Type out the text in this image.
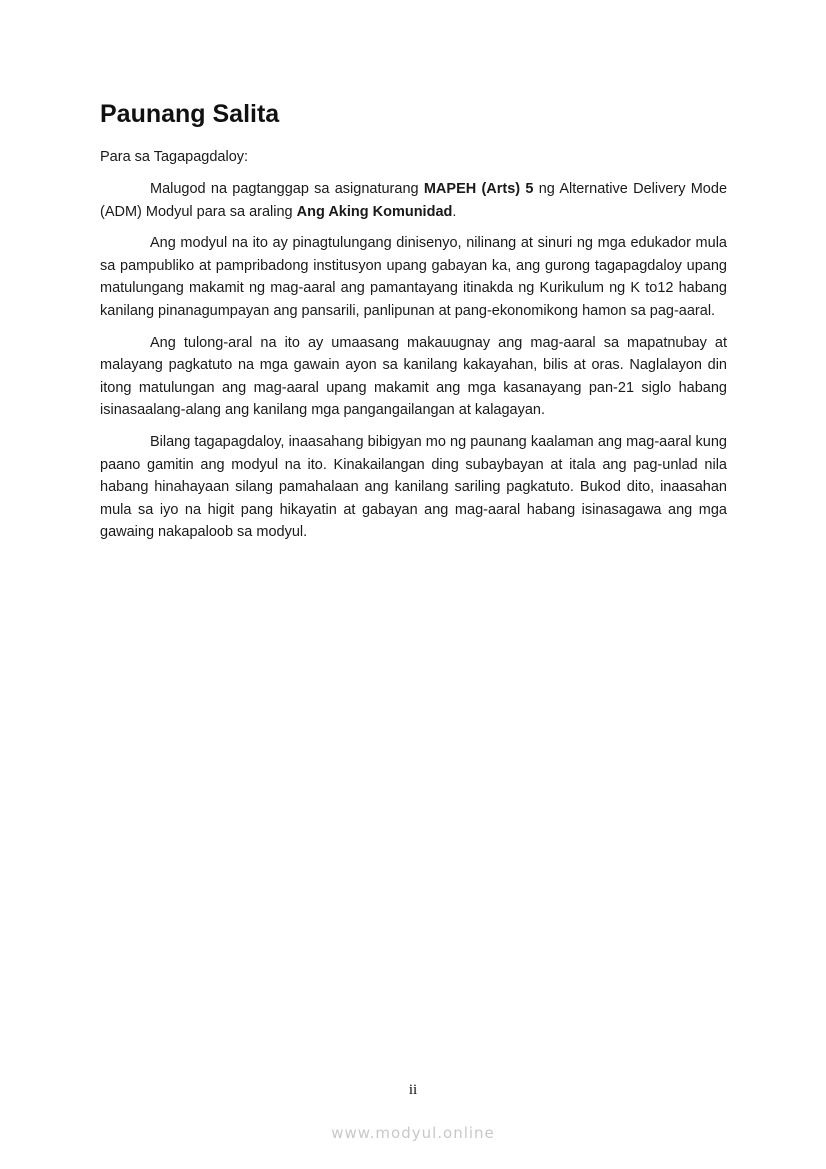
Paunang Salita

Para sa Tagapagdaloy:

Malugod na pagtanggap sa asignaturang MAPEH (Arts) 5 ng Alternative Delivery Mode (ADM) Modyul para sa araling Ang Aking Komunidad.

Ang modyul na ito ay pinagtulungang dinisenyo, nilinang at sinuri ng mga edukador mula sa pampubliko at pampribadong institusyon upang gabayan ka, ang gurong tagapagdaloy upang matulungang makamit ng mag-aaral ang pamantayang itinakda ng Kurikulum ng K to12 habang kanilang pinanagumpayan ang pansarili, panlipunan at pang-ekonomikong hamon sa pag-aaral.

Ang tulong-aral na ito ay umaasang makauugnay ang mag-aaral sa mapatnubay at malayang pagkatuto na mga gawain ayon sa kanilang kakayahan, bilis at oras. Naglalayon din itong matulungan ang mag-aaral upang makamit ang mga kasanayang pan-21 siglo habang isinasaalang-alang ang kanilang mga pangangailangan at kalagayan.

Bilang tagapagdaloy, inaasahang bibigyan mo ng paunang kaalaman ang mag-aaral kung paano gamitin ang modyul na ito. Kinakailangan ding subaybayan at itala ang pag-unlad nila habang hinahayaan silang pamahalaan ang kanilang sariling pagkatuto. Bukod dito, inaasahan mula sa iyo na higit pang hikayatin at gabayan ang mag-aaral habang isinasagawa ang mga gawaing nakapaloob sa modyul.

ii
www.modyul.online
